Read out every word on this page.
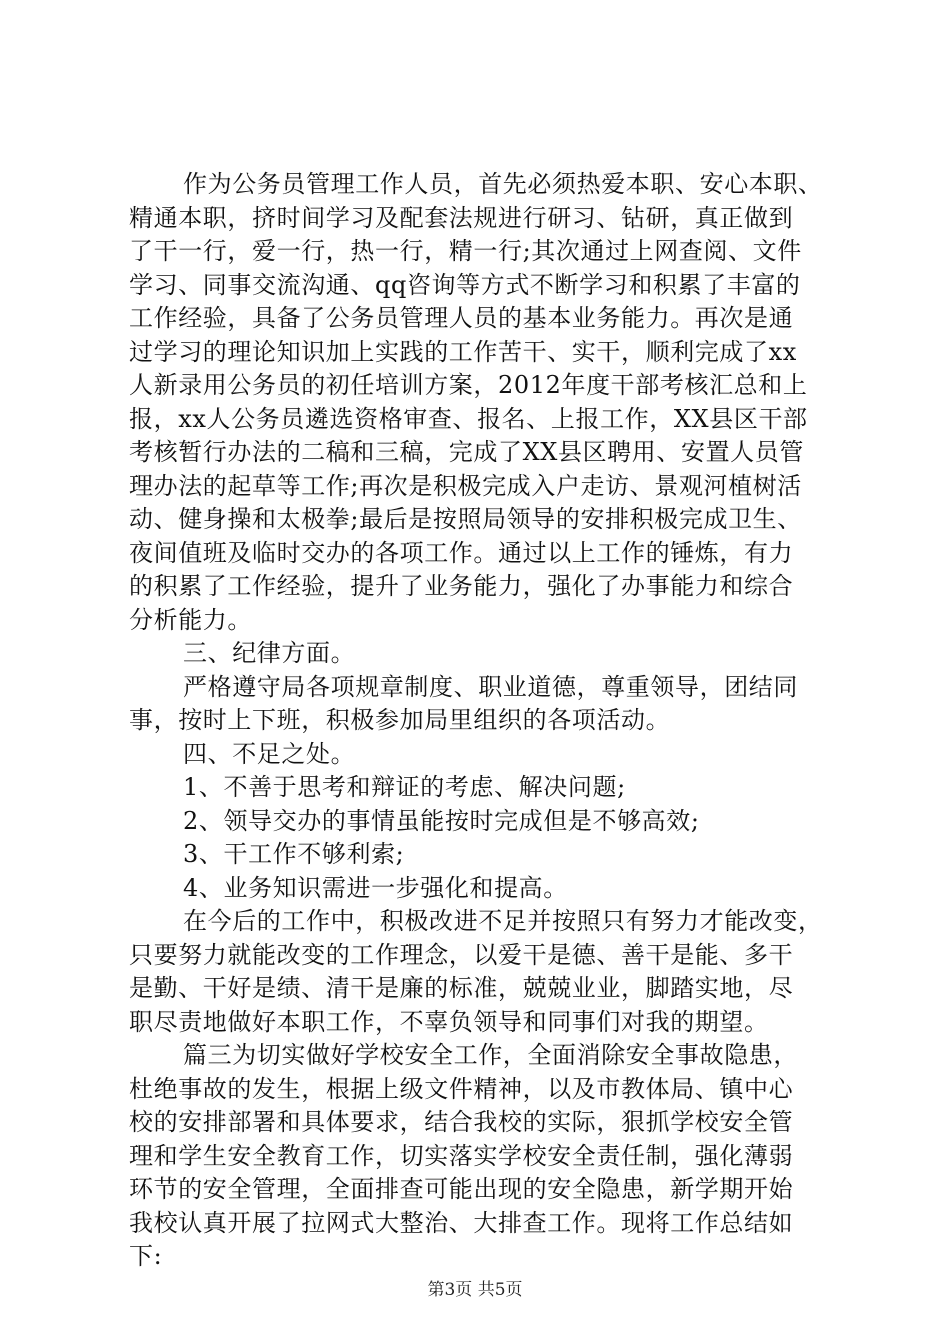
作为公务员管理工作人员，首先必须热爱本职、安心本职、
精通本职，挤时间学习及配套法规进行研习、钻研，真正做到
了干一行，爱一行，热一行，精一行;其次通过上网查阅、文件
学习、同事交流沟通、qq咨询等方式不断学习和积累了丰富的
工作经验，具备了公务员管理人员的基本业务能力。再次是通
过学习的理论知识加上实践的工作苦干、实干，顺利完成了xx
人新录用公务员的初任培训方案，2012年度干部考核汇总和上
报，xx人公务员遴选资格审查、报名、上报工作，XX县区干部
考核暂行办法的二稿和三稿，完成了XX县区聘用、安置人员管
理办法的起草等工作;再次是积极完成入户走访、景观河植树活
动、健身操和太极拳;最后是按照局领导的安排积极完成卫生、
夜间值班及临时交办的各项工作。通过以上工作的锤炼，有力
的积累了工作经验，提升了业务能力，强化了办事能力和综合
分析能力。
三、纪律方面。
严格遵守局各项规章制度、职业道德，尊重领导，团结同
事，按时上下班，积极参加局里组织的各项活动。
四、不足之处。
1、不善于思考和辩证的考虑、解决问题;
2、领导交办的事情虽能按时完成但是不够高效;
3、干工作不够利索;
4、业务知识需进一步强化和提高。
在今后的工作中，积极改进不足并按照只有努力才能改变，
只要努力就能改变的工作理念，以爱干是德、善干是能、多干
是勤、干好是绩、清干是廉的标准，兢兢业业，脚踏实地，尽
职尽责地做好本职工作，不辜负领导和同事们对我的期望。
篇三为切实做好学校安全工作，全面消除安全事故隐患，
杜绝事故的发生，根据上级文件精神，以及市教体局、镇中心
校的安排部署和具体要求，结合我校的实际，狠抓学校安全管
理和学生安全教育工作，切实落实学校安全责任制，强化薄弱
环节的安全管理，全面排查可能出现的安全隐患，新学期开始
我校认真开展了拉网式大整治、大排查工作。现将工作总结如
下:
第3页 共5页
